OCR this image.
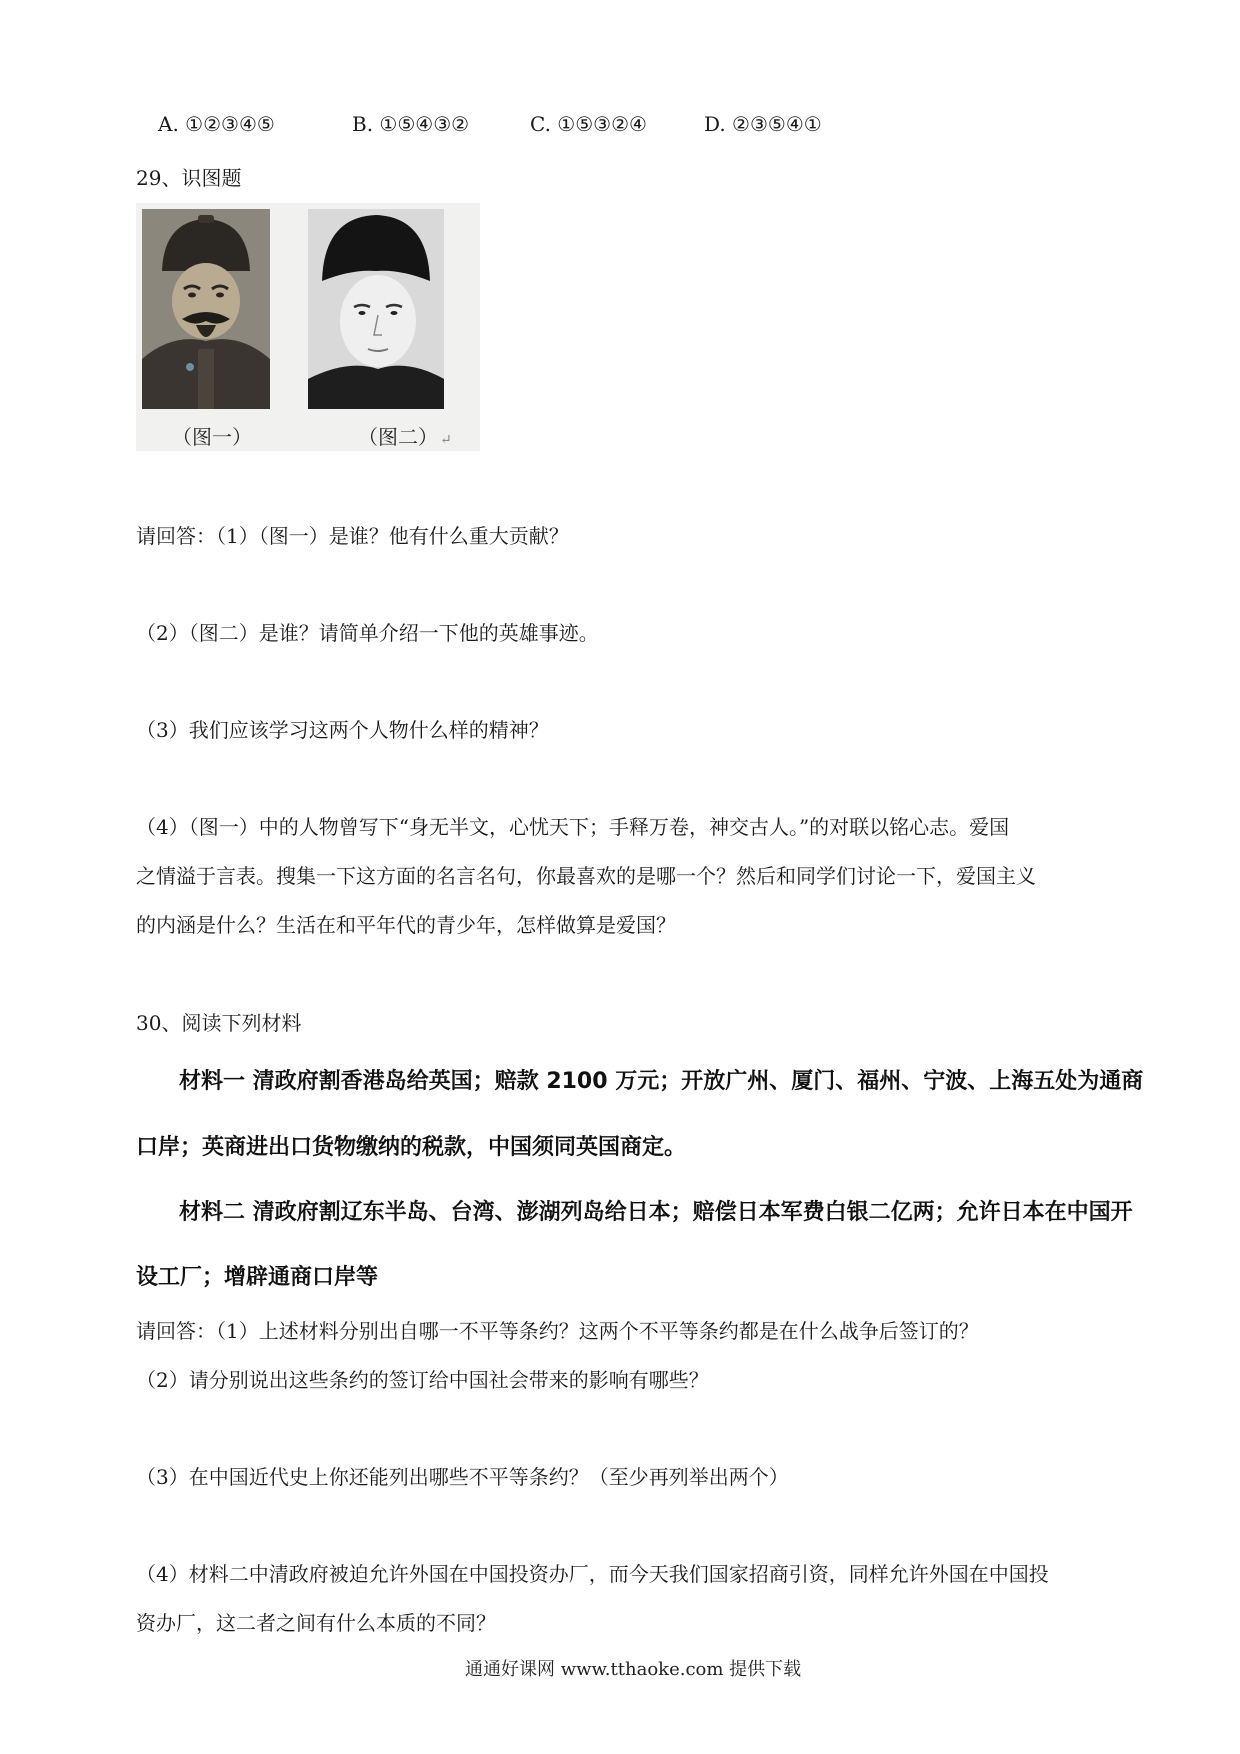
A. ①②③④⑤	B. ①⑤④③②	C. ①⑤③②④	D. ②③⑤④①
29、识图题
（图一）	（图二） ↵
请回答：（1）（图一）是谁？他有什么重大贡献？
（2）（图二）是谁？请简单介绍一下他的英雄事迹。
（3）我们应该学习这两个人物什么样的精神？
（4）（图一）中的人物曾写下“身无半文，心忧天下；手释万卷，神交古人。”的对联以铭心志。爱国
之情溢于言表。搜集一下这方面的名言名句，你最喜欢的是哪一个？然后和同学们讨论一下，爱国主义
的内涵是什么？生活在和平年代的青少年，怎样做算是爱国？
30、阅读下列材料
材料一 清政府割香港岛给英国；赔款 2100 万元；开放广州、厦门、福州、宁波、上海五处为通商
口岸；英商进出口货物缴纳的税款，中国须同英国商定。
材料二 清政府割辽东半岛、台湾、澎湖列岛给日本；赔偿日本军费白银二亿两；允许日本在中国开
设工厂；增辟通商口岸等
请回答：（1）上述材料分别出自哪一不平等条约？这两个不平等条约都是在什么战争后签订的？
（2）请分别说出这些条约的签订给中国社会带来的影响有哪些？
（3）在中国近代史上你还能列出哪些不平等条约？（至少再列举出两个）
（4）材料二中清政府被迫允许外国在中国投资办厂，而今天我们国家招商引资，同样允许外国在中国投
资办厂，这二者之间有什么本质的不同？
通通好课网 www.tthaoke.com 提供下载
